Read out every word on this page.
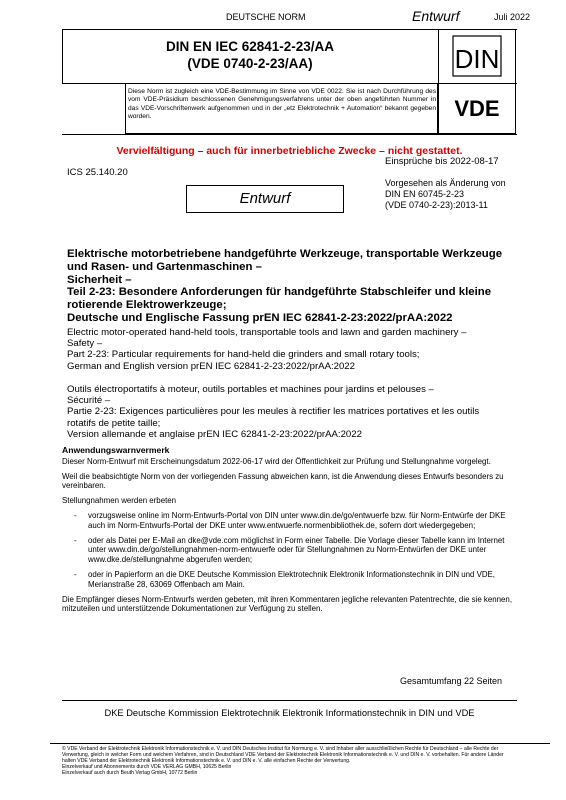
DEUTSCHE NORM	Entwurf	Juli 2022
DIN EN IEC 62841-2-23/AA
(VDE 0740-2-23/AA)	DIN
Diese Norm ist zugleich eine VDE-Bestimmung im Sinne von VDE 0022. Sie ist nach Durchführung des vom VDE-Präsidium beschlossenen Genehmigungsverfahrens unter der oben angeführten Nummer in das VDE-Vorschriftenwerk aufgenommen und in der „etz Elektrotechnik + Automation“ bekannt gegeben worden.	VDE
Vervielfältigung – auch für innerbetriebliche Zwecke – nicht gestattet.
Einsprüche bis 2022-08-17
ICS 25.140.20
Vorgesehen als Änderung von
DIN EN 60745-2-23
(VDE 0740-2-23):2013-11
Entwurf
Elektrische motorbetriebene handgeführte Werkzeuge, transportable Werkzeuge
und Rasen- und Gartenmaschinen –
Sicherheit –
Teil 2-23: Besondere Anforderungen für handgeführte Stabschleifer und kleine
rotierende Elektrowerkzeuge;
Deutsche und Englische Fassung prEN IEC 62841-2-23:2022/prAA:2022
Electric motor-operated hand-held tools, transportable tools and lawn and garden machinery –
Safety –
Part 2-23: Particular requirements for hand-held die grinders and small rotary tools;
German and English version prEN IEC 62841-2-23:2022/prAA:2022
Outils électroportatifs à moteur, outils portables et machines pour jardins et pelouses –
Sécurité –
Partie 2-23: Exigences particulières pour les meules à rectifier les matrices portatives et les outils
rotatifs de petite taille;
Version allemande et anglaise prEN IEC 62841-2-23:2022/prAA:2022
Anwendungswarnvermerk

Dieser Norm-Entwurf mit Erscheinungsdatum 2022-06-17 wird der Öffentlichkeit zur Prüfung und Stellungnahme vorgelegt.

Weil die beabsichtigte Norm von der vorliegenden Fassung abweichen kann, ist die Anwendung dieses Entwurfs besonders zu vereinbaren.

Stellungnahmen werden erbeten

- vorzugsweise online im Norm-Entwurfs-Portal von DIN unter www.din.de/go/entwuerfe bzw. für Norm-Entwürfe der DKE auch im Norm-Entwurfs-Portal der DKE unter www.entwuerfe.normenbibliothek.de, sofern dort wiedergegeben;
- oder als Datei per E-Mail an dke@vde.com möglichst in Form einer Tabelle. Die Vorlage dieser Tabelle kann im Internet unter www.din.de/go/stellungnahmen-norm-entwuerfe oder für Stellungnahmen zu Norm-Entwürfen der DKE unter www.dke.de/stellungnahme abgerufen werden;
- oder in Papierform an die DKE Deutsche Kommission Elektrotechnik Elektronik Informationstechnik in DIN und VDE, Merianstraße 28, 63069 Offenbach am Main.

Die Empfänger dieses Norm-Entwurfs werden gebeten, mit ihren Kommentaren jegliche relevanten Patentrechte, die sie kennen, mitzuteilen und unterstützende Dokumentationen zur Verfügung zu stellen.

Gesamtumfang 22 Seiten
DKE Deutsche Kommission Elektrotechnik Elektronik Informationstechnik in DIN und VDE
© VDE Verband der Elektrotechnik Elektronik Informationstechnik e. V. und DIN Deutsches Institut für Normung e. V. sind Inhaber aller ausschließlichen Rechte für Deutschland – alle Rechte der Verwertung, gleich in welcher Form und welchem Verfahren, sind in Deutschland VDE Verband der Elektrotechnik Elektronik Informationstechnik e. V. und DIN e. V. vorbehalten. Für andere Länder halten VDE Verband der Elektrotechnik Elektronik Informationstechnik e. V. und DIN e. V. alle einfachen Rechte der Verwertung.
Einzelverkauf und Abonnements durch VDE VERLAG GMBH, 10625 Berlin
Einzelverkauf auch durch Beuth Verlag GmbH, 10772 Berlin
